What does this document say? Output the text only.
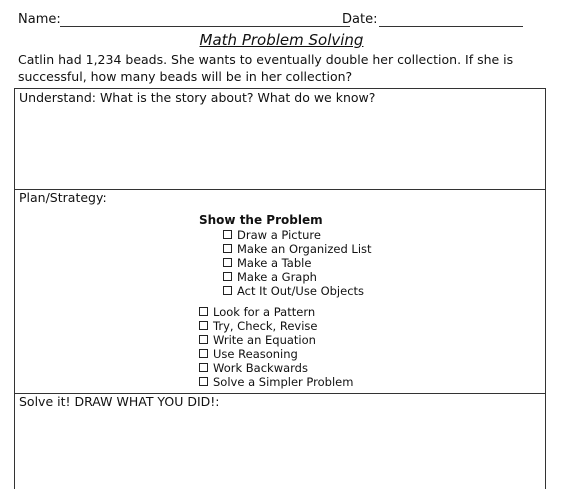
Name:	Date:
Math Problem Solving
Catlin had 1,234 beads. She wants to eventually double her collection. If she is successful, how many beads will be in her collection?
Understand: What is the story about? What do we know?
Plan/Strategy:
Solve it! DRAW WHAT YOU DID!:
Show the Problem
Draw a Picture
Make an Organized List
Make a Table
Make a Graph
Act It Out/Use Objects
Look for a Pattern
Try, Check, Revise
Write an Equation
Use Reasoning
Work Backwards
Solve a Simpler Problem
